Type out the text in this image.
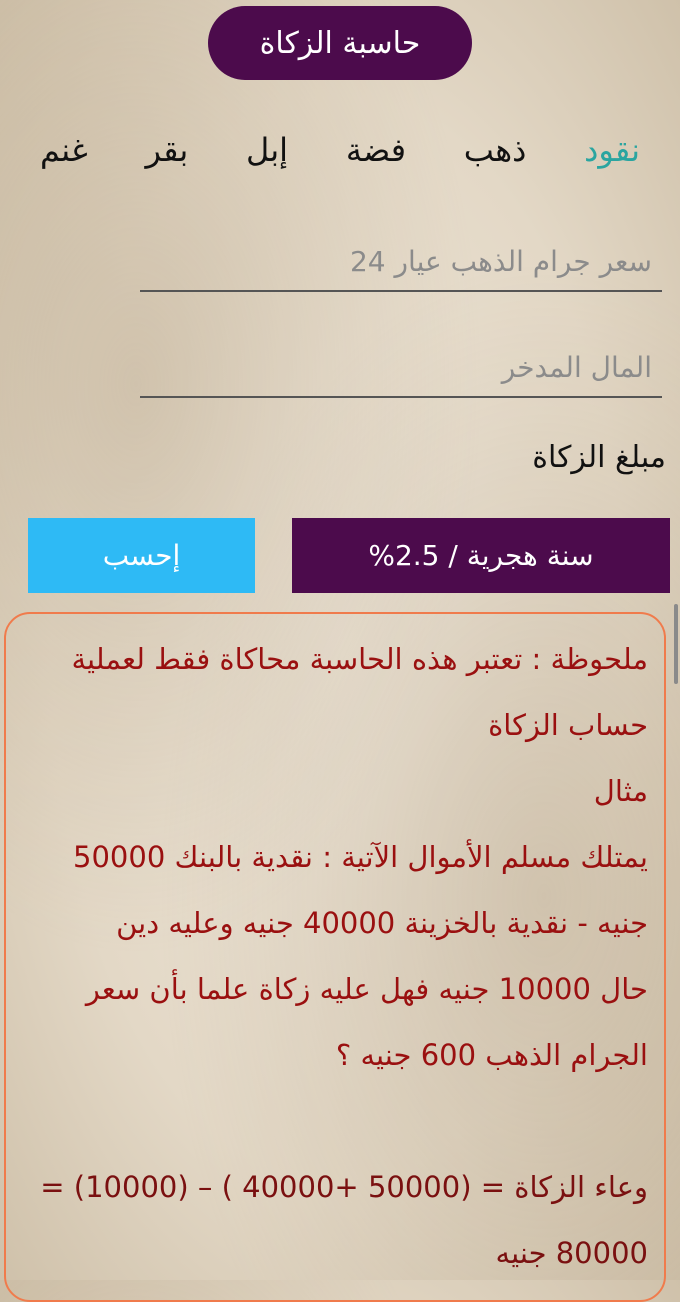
حاسبة الزكاة
نقود
ذهب
فضة
إبل
بقر
غنم
سعر جرام الذهب عيار 24
المال المدخر
مبلغ الزكاة
إحسب	سنة هجرية / 2.5%
ملحوظة : تعتبر هذه الحاسبة محاكاة فقط لعملية
حساب الزكاة
مثال
يمتلك مسلم الأموال الآتية : نقدية بالبنك 50000
جنيه - نقدية بالخزينة 40000 جنيه وعليه دين
حال 10000 جنيه فهل عليه زكاة علما بأن سعر
الجرام الذهب 600 جنيه ؟
وعاء الزكاة = (50000 +40000 ) – (10000) =
80000 جنيه
